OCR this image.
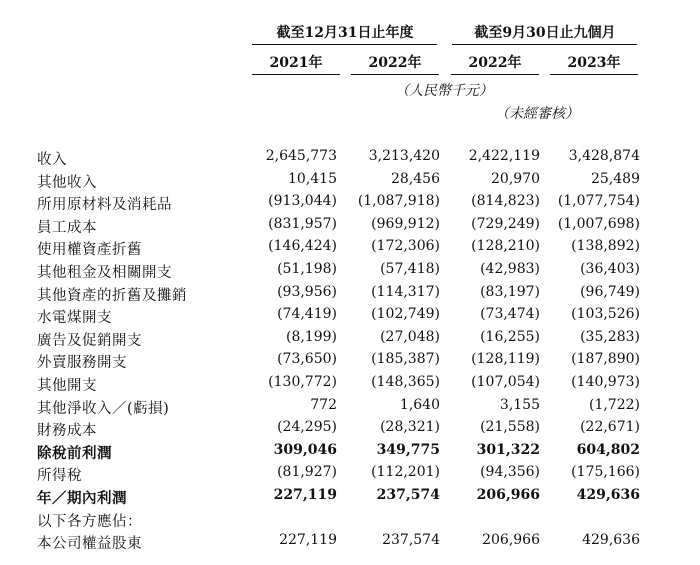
截至12月31日止年度	截至9月30日止九個月
2021年	2022年	2022年	2023年
（人民幣千元）
（未經審核）
收入	2,645,773	3,213,420	2,422,119	3,428,874
其他收入	10,415	28,456	20,970	25,489
所用原材料及消耗品	(913,044)	(1,087,918)	(814,823)	(1,077,754)
員工成本	(831,957)	(969,912)	(729,249)	(1,007,698)
使用權資產折舊	(146,424)	(172,306)	(128,210)	(138,892)
其他租金及相關開支	(51,198)	(57,418)	(42,983)	(36,403)
其他資產的折舊及攤銷	(93,956)	(114,317)	(83,197)	(96,749)
水電煤開支	(74,419)	(102,749)	(73,474)	(103,526)
廣告及促銷開支	(8,199)	(27,048)	(16,255)	(35,283)
外賣服務開支	(73,650)	(185,387)	(128,119)	(187,890)
其他開支	(130,772)	(148,365)	(107,054)	(140,973)
其他淨收入／(虧損)	772	1,640	3,155	(1,722)
財務成本	(24,295)	(28,321)	(21,558)	(22,671)
除稅前利潤	309,046	349,775	301,322	604,802
所得稅	(81,927)	(112,201)	(94,356)	(175,166)
年／期內利潤	227,119	237,574	206,966	429,636
以下各方應佔：
本公司權益股東	227,119	237,574	206,966	429,636
